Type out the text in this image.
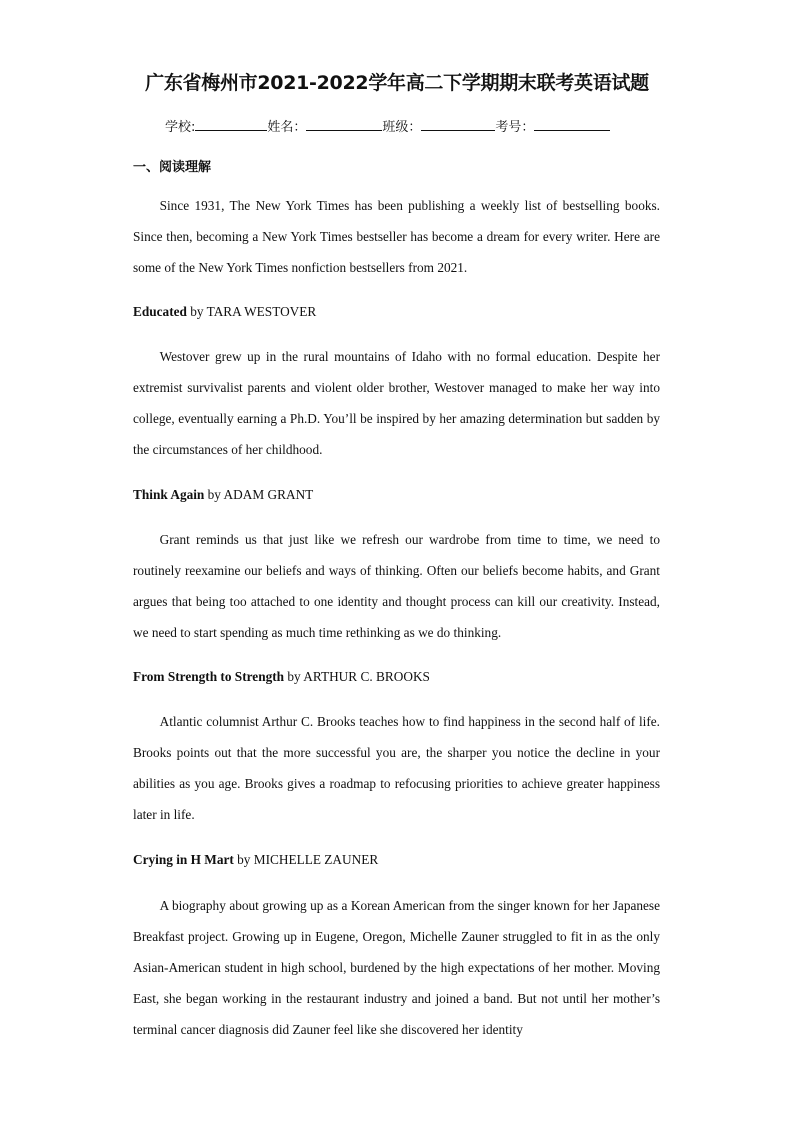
广东省梅州市2021-2022学年高二下学期期末联考英语试题
学校:	姓名：	班级：	考号：
一、阅读理解

Since 1931, The New York Times has been publishing a weekly list of bestselling books. Since then, becoming a New York Times bestseller has become a dream for every writer. Here are some of the New York Times nonfiction bestsellers from 2021.

Educated by TARA WESTOVER

Westover grew up in the rural mountains of Idaho with no formal education. Despite her extremist survivalist parents and violent older brother, Westover managed to make her way into college, eventually earning a Ph.D. You’ll be inspired by her amazing determination but sadden by the circumstances of her childhood.

Think Again by ADAM GRANT

Grant reminds us that just like we refresh our wardrobe from time to time, we need to routinely reexamine our beliefs and ways of thinking. Often our beliefs become habits, and Grant argues that being too attached to one identity and thought process can kill our creativity. Instead, we need to start spending as much time rethinking as we do thinking.

From Strength to Strength by ARTHUR C. BROOKS

Atlantic columnist Arthur C. Brooks teaches how to find happiness in the second half of life. Brooks points out that the more successful you are, the sharper you notice the decline in your abilities as you age. Brooks gives a roadmap to refocusing priorities to achieve greater happiness later in life.

Crying in H Mart by MICHELLE ZAUNER

A biography about growing up as a Korean American from the singer known for her Japanese Breakfast project. Growing up in Eugene, Oregon, Michelle Zauner struggled to fit in as the only Asian-American student in high school, burdened by the high expectations of her mother. Moving East, she began working in the restaurant industry and joined a band. But not until her mother’s terminal cancer diagnosis did Zauner feel like she discovered her identity
